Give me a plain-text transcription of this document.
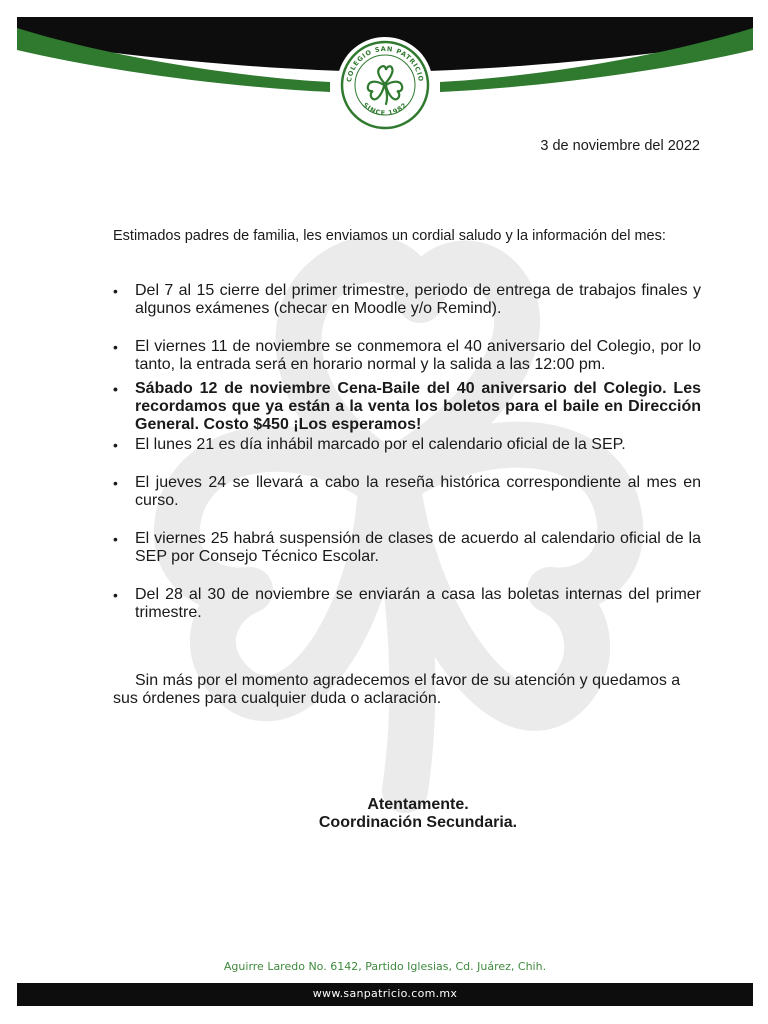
COLEGIO SAN PATRICIO
SINCE 1982
3 de noviembre del 2022
Estimados padres de familia, les enviamos un cordial saludo y la información del mes:
• Del 7 al 15 cierre del primer trimestre, periodo de entrega de trabajos finales y algunos exámenes (checar en Moodle y/o Remind).
• El viernes 11 de noviembre se conmemora el 40 aniversario del Colegio, por lo tanto, la entrada será en horario normal y la salida a las 12:00 pm.
• Sábado 12 de noviembre Cena-Baile del 40 aniversario del Colegio. Les recordamos que ya están a la venta los boletos para el baile en Dirección General. Costo $450 ¡Los esperamos!
• El lunes 21 es día inhábil marcado por el calendario oficial de la SEP.
• El jueves 24 se llevará a cabo la reseña histórica correspondiente al mes en curso.
• El viernes 25 habrá suspensión de clases de acuerdo al calendario oficial de la SEP por Consejo Técnico Escolar.
• Del 28 al 30 de noviembre se enviarán a casa las boletas internas del primer trimestre.
Sin más por el momento agradecemos el favor de su atención y quedamos a sus órdenes para cualquier duda o aclaración.
Atentamente.
Coordinación Secundaria.
Aguirre Laredo No. 6142, Partido Iglesias, Cd. Juárez, Chih.
www.sanpatricio.com.mx
